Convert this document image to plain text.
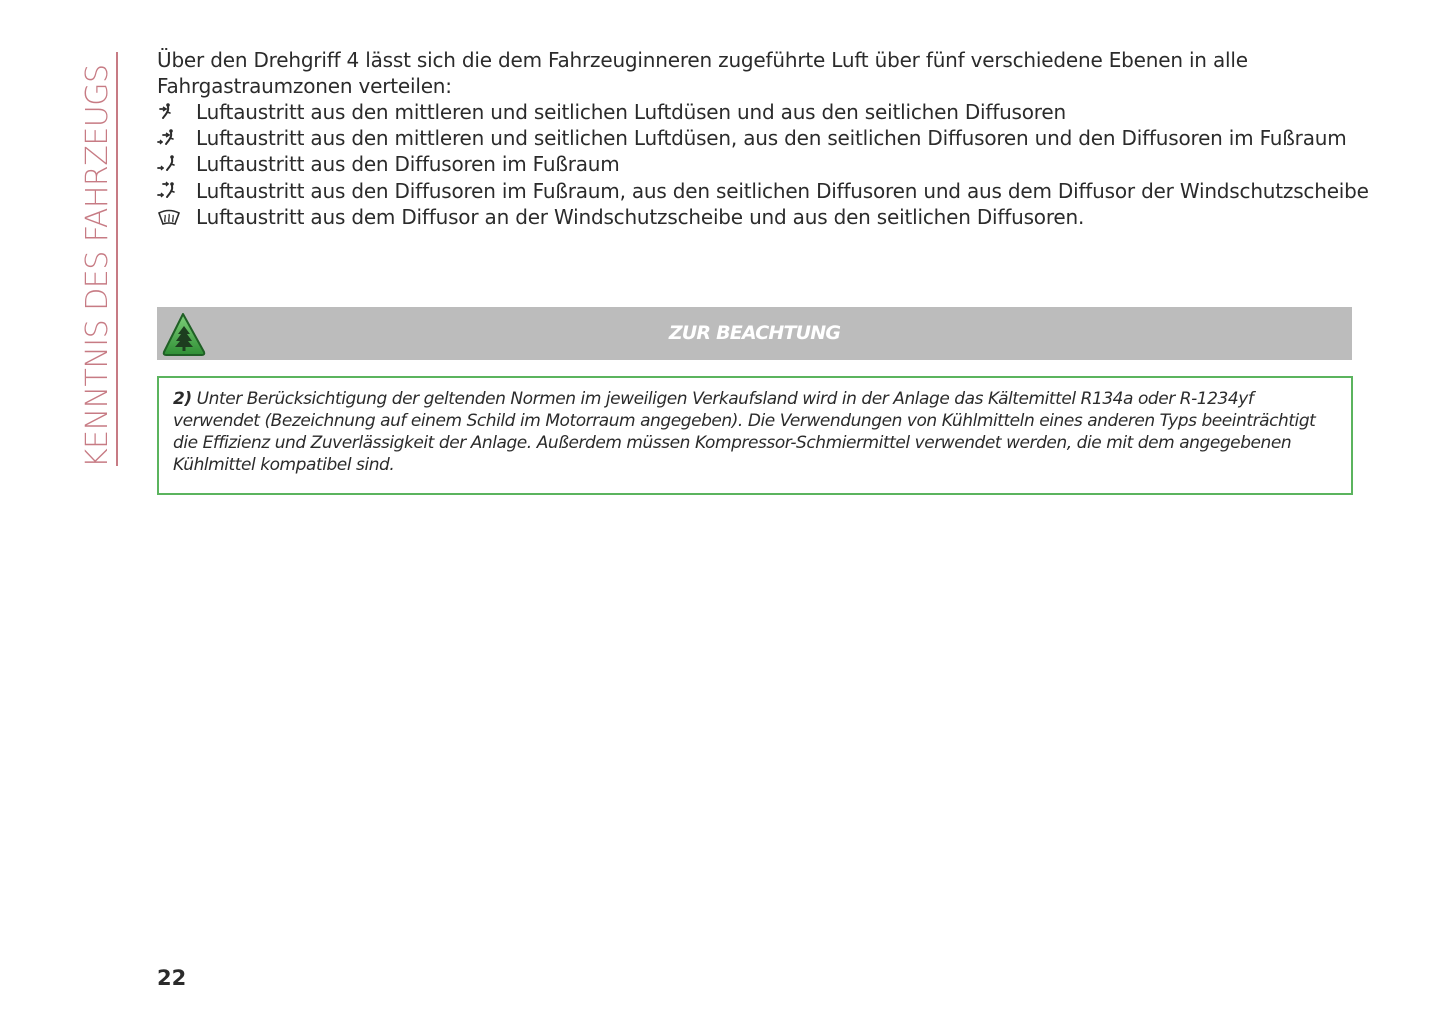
KENNTNIS DES FAHRZEUGS

Über den Drehgriff 4 lässt sich die dem Fahrzeuginneren zugeführte Luft über fünf verschiedene Ebenen in alle Fahrgastraumzonen verteilen:

Luftaustritt aus den mittleren und seitlichen Luftdüsen und aus den seitlichen Diffusoren
Luftaustritt aus den mittleren und seitlichen Luftdüsen, aus den seitlichen Diffusoren und den Diffusoren im Fußraum
Luftaustritt aus den Diffusoren im Fußraum
Luftaustritt aus den Diffusoren im Fußraum, aus den seitlichen Diffusoren und aus dem Diffusor der Windschutzscheibe
Luftaustritt aus dem Diffusor an der Windschutzscheibe und aus den seitlichen Diffusoren.
ZUR BEACHTUNG

2) Unter Berücksichtigung der geltenden Normen im jeweiligen Verkaufsland wird in der Anlage das Kältemittel R134a oder R-1234yf verwendet (Bezeichnung auf einem Schild im Motorraum angegeben). Die Verwendungen von Kühlmitteln eines anderen Typs beeinträchtigt die Effizienz und Zuverlässigkeit der Anlage. Außerdem müssen Kompressor-Schmiermittel verwendet werden, die mit dem angegebenen Kühlmittel kompatibel sind.

22
